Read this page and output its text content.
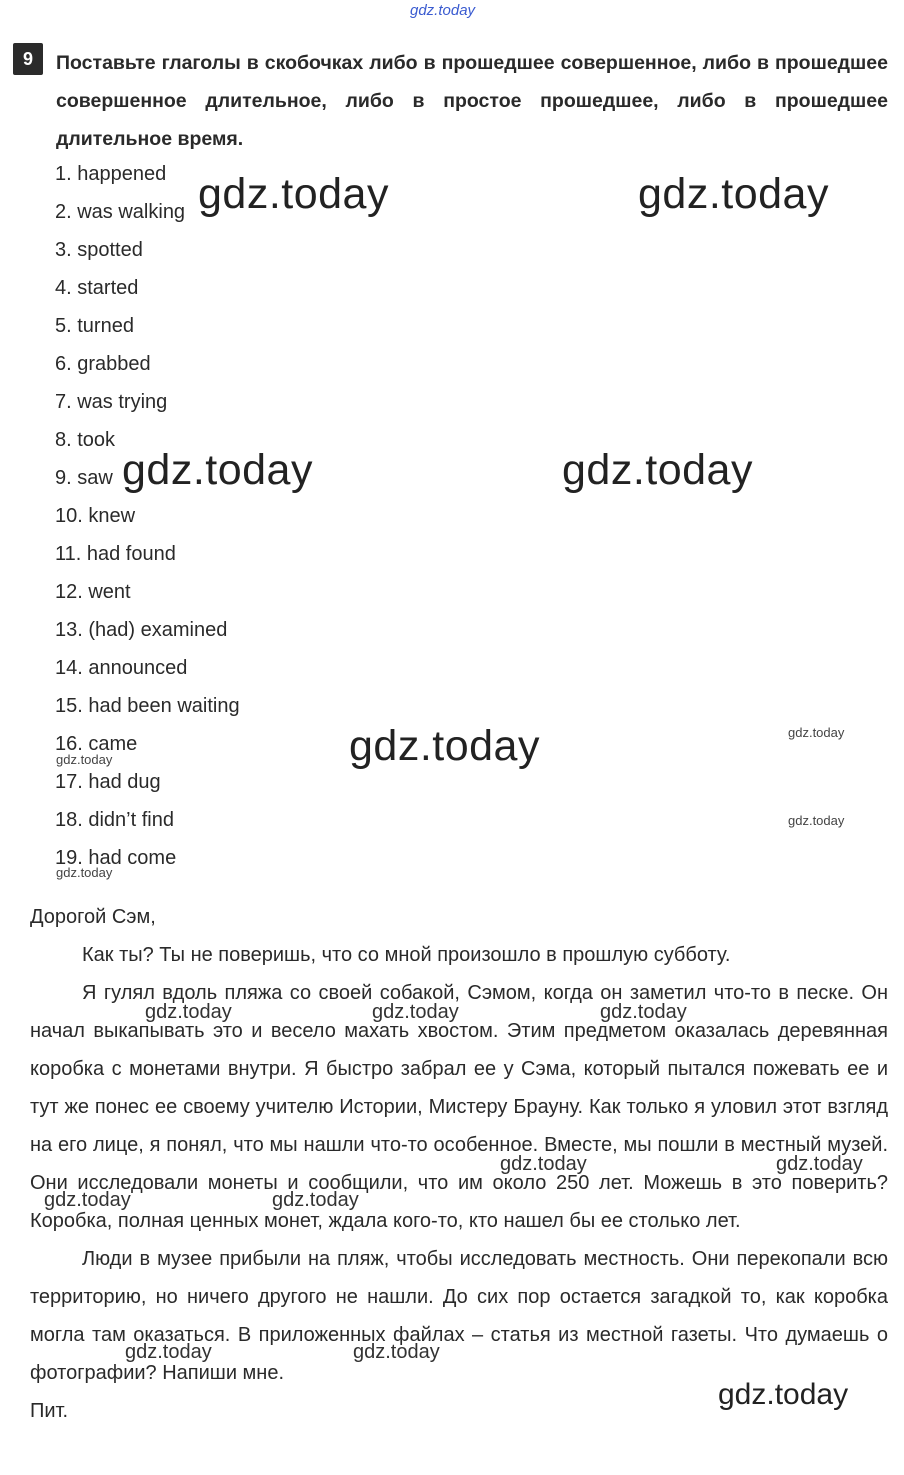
9	Поставьте глаголы в скобочках либо в прошедшее совершенное, либо в прошедшее совершенное длительное, либо в простое прошедшее, либо в прошедшее длительное время.
1. happened
2. was walking
3. spotted
4. started
5. turned
6. grabbed
7. was trying
8. took
9. saw
10. knew
11. had found
12. went
13. (had) examined
14. announced
15. had been waiting
16. came
17. had dug
18. didn’t find
19. had come
Дорогой Сэм,

Как ты? Ты не поверишь, что со мной произошло в прошлую субботу.

Я гулял вдоль пляжа со своей собакой, Сэмом, когда он заметил что-то в песке. Он начал выкапывать это и весело махать хвостом. Этим предметом оказалась деревянная коробка с монетами внутри. Я быстро забрал ее у Сэма, который пытался пожевать ее и тут же понес ее своему учителю Истории, Мистеру Брауну. Как только я уловил этот взгляд на его лице, я понял, что мы нашли что-то особенное. Вместе, мы пошли в местный музей. Они исследовали монеты и сообщили, что им около 250 лет. Можешь в это поверить? Коробка, полная ценных монет, ждала кого-то, кто нашел бы ее столько лет.

Люди в музее прибыли на пляж, чтобы исследовать местность. Они перекопали всю территорию, но ничего другого не нашли. До сих пор остается загадкой то, как коробка могла там оказаться. В приложенных файлах – статья из местной газеты. Что думаешь о фотографии? Напиши мне.

Пит.
gdz.today
gdz.today	gdz.today
gdz.today	gdz.today
gdz.today	gdz.today
gdz.today
gdz.today
gdz.today
gdz.today	gdz.today	gdz.today
gdz.today	gdz.today
gdz.today	gdz.today
gdz.today	gdz.today
gdz.today
